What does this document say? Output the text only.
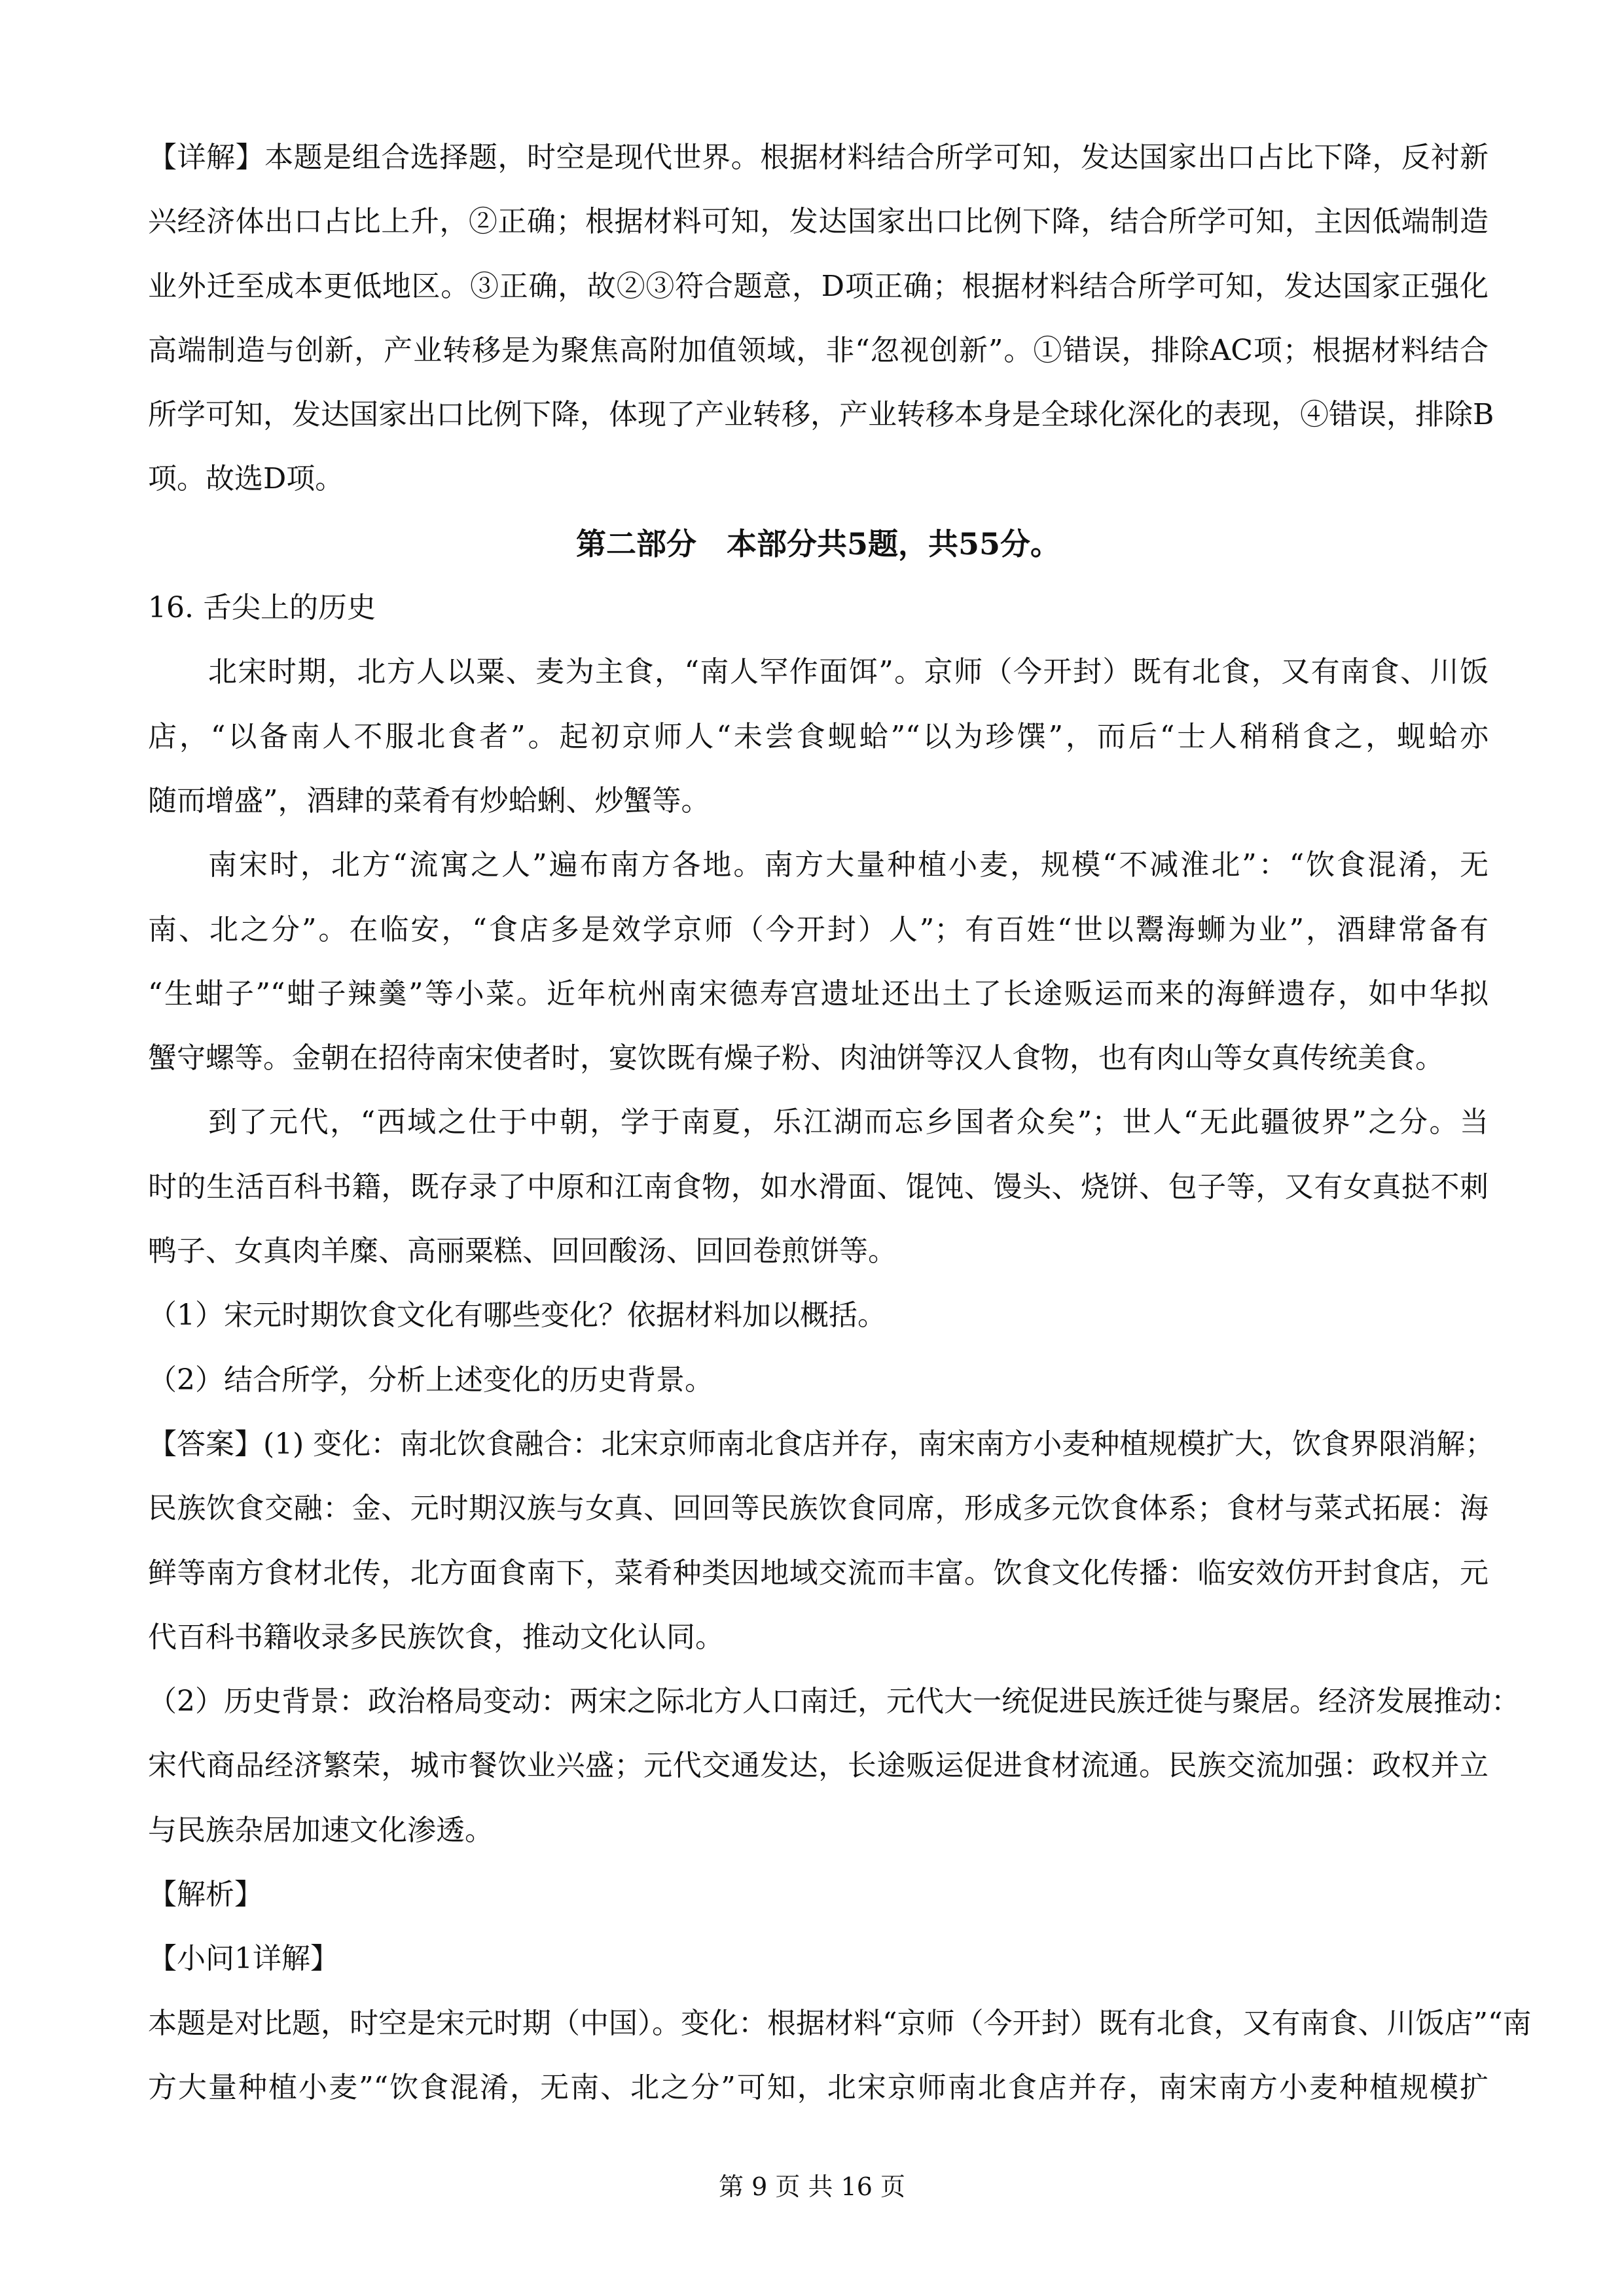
【详解】本题是组合选择题，时空是现代世界。根据材料结合所学可知，发达国家出口占比下降，反衬新
兴经济体出口占比上升，②正确；根据材料可知，发达国家出口比例下降，结合所学可知，主因低端制造
业外迁至成本更低地区。③正确，故②③符合题意，D项正确；根据材料结合所学可知，发达国家正强化
高端制造与创新，产业转移是为聚焦高附加值领域，非“忽视创新”。①错误，排除AC项；根据材料结合
所学可知，发达国家出口比例下降，体现了产业转移，产业转移本身是全球化深化的表现，④错误，排除B
项。故选D项。
第二部分　本部分共5题，共55分。
16. 舌尖上的历史
北宋时期，北方人以粟、麦为主食，“南人罕作面饵”。京师（今开封）既有北食，又有南食、川饭
店，“以备南人不服北食者”。起初京师人“未尝食蚬蛤”“以为珍馔”，而后“士人稍稍食之，蚬蛤亦
随而增盛”，酒肆的菜肴有炒蛤蜊、炒蟹等。
南宋时，北方“流寓之人”遍布南方各地。南方大量种植小麦，规模“不减淮北”：“饮食混淆，无
南、北之分”。在临安，“食店多是效学京师（今开封）人”；有百姓“世以鬻海蛳为业”，酒肆常备有
“生蚶子”“蚶子辣羹”等小菜。近年杭州南宋德寿宫遗址还出土了长途贩运而来的海鲜遗存，如中华拟
蟹守螺等。金朝在招待南宋使者时，宴饮既有燥子粉、肉油饼等汉人食物，也有肉山等女真传统美食。
到了元代，“西域之仕于中朝，学于南夏，乐江湖而忘乡国者众矣”；世人“无此疆彼界”之分。当
时的生活百科书籍，既存录了中原和江南食物，如水滑面、馄饨、馒头、烧饼、包子等，又有女真挞不刺
鸭子、女真肉羊糜、高丽粟糕、回回酸汤、回回卷煎饼等。
（1）宋元时期饮食文化有哪些变化？依据材料加以概括。
（2）结合所学，分析上述变化的历史背景。
【答案】(1) 变化：南北饮食融合：北宋京师南北食店并存，南宋南方小麦种植规模扩大，饮食界限消解；
民族饮食交融：金、元时期汉族与女真、回回等民族饮食同席，形成多元饮食体系；食材与菜式拓展：海
鲜等南方食材北传，北方面食南下，菜肴种类因地域交流而丰富。饮食文化传播：临安效仿开封食店，元
代百科书籍收录多民族饮食，推动文化认同。
（2）历史背景：政治格局变动：两宋之际北方人口南迁，元代大一统促进民族迁徙与聚居。经济发展推动：
宋代商品经济繁荣，城市餐饮业兴盛；元代交通发达，长途贩运促进食材流通。民族交流加强：政权并立
与民族杂居加速文化渗透。
【解析】
【小问1详解】
本题是对比题，时空是宋元时期（中国）。变化：根据材料“京师（今开封）既有北食，又有南食、川饭店”“南
方大量种植小麦”“饮食混淆，无南、北之分”可知，北宋京师南北食店并存，南宋南方小麦种植规模扩
第 9 页 共 16 页
